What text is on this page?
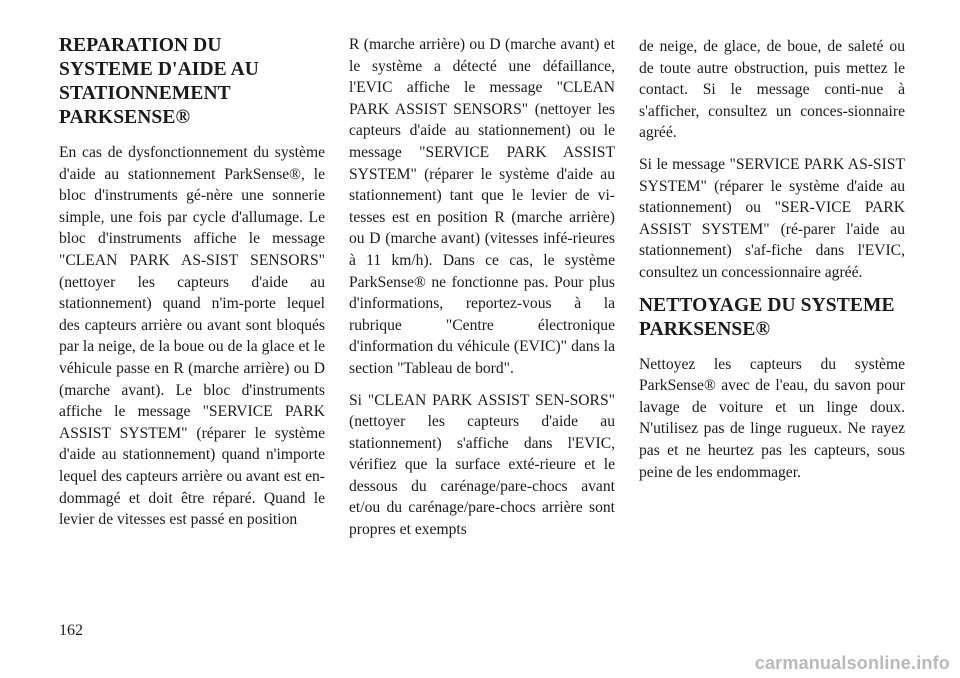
REPARATION DU
SYSTEME D'AIDE AU
STATIONNEMENT
PARKSENSE®

En cas de dysfonctionnement du système d'aide au stationnement ParkSense®, le bloc d'instruments gé-nère une sonnerie simple, une fois par cycle d'allumage. Le bloc d'instruments affiche le message "CLEAN PARK AS-SIST SENSORS" (nettoyer les capteurs d'aide au stationnement) quand n'im-porte lequel des capteurs arrière ou avant sont bloqués par la neige, de la boue ou de la glace et le véhicule passe en R (marche arrière) ou D (marche avant). Le bloc d'instruments affiche le message "SERVICE PARK ASSIST SYSTEM" (réparer le système d'aide au stationnement) quand n'importe lequel des capteurs arrière ou avant est en-dommagé et doit être réparé. Quand le levier de vitesses est passé en position

R (marche arrière) ou D (marche avant) et le système a détecté une défaillance, l'EVIC affiche le message "CLEAN PARK ASSIST SENSORS" (nettoyer les capteurs d'aide au stationnement) ou le message "SERVICE PARK ASSIST SYSTEM" (réparer le système d'aide au stationnement) tant que le levier de vi-tesses est en position R (marche arrière) ou D (marche avant) (vitesses infé-rieures à 11 km/h). Dans ce cas, le système ParkSense® ne fonctionne pas. Pour plus d'informations, reportez-vous à la rubrique "Centre électronique d'information du véhicule (EVIC)" dans la section "Tableau de bord".

Si "CLEAN PARK ASSIST SEN-SORS" (nettoyer les capteurs d'aide au stationnement) s'affiche dans l'EVIC, vérifiez que la surface exté-rieure et le dessous du carénage/pare-chocs avant et/ou du carénage/pare-chocs arrière sont propres et exempts

de neige, de glace, de boue, de saleté ou de toute autre obstruction, puis mettez le contact. Si le message conti-nue à s'afficher, consultez un conces-sionnaire agréé.

Si le message "SERVICE PARK AS-SIST SYSTEM" (réparer le système d'aide au stationnement) ou "SER-VICE PARK ASSIST SYSTEM" (ré-parer l'aide au stationnement) s'af-fiche dans l'EVIC, consultez un concessionnaire agréé.

NETTOYAGE DU SYSTEME
PARKSENSE®

Nettoyez les capteurs du système ParkSense® avec de l'eau, du savon pour lavage de voiture et un linge doux. N'utilisez pas de linge rugueux. Ne rayez pas et ne heurtez pas les capteurs, sous peine de les endommager.

162
carmanualsonline.info
